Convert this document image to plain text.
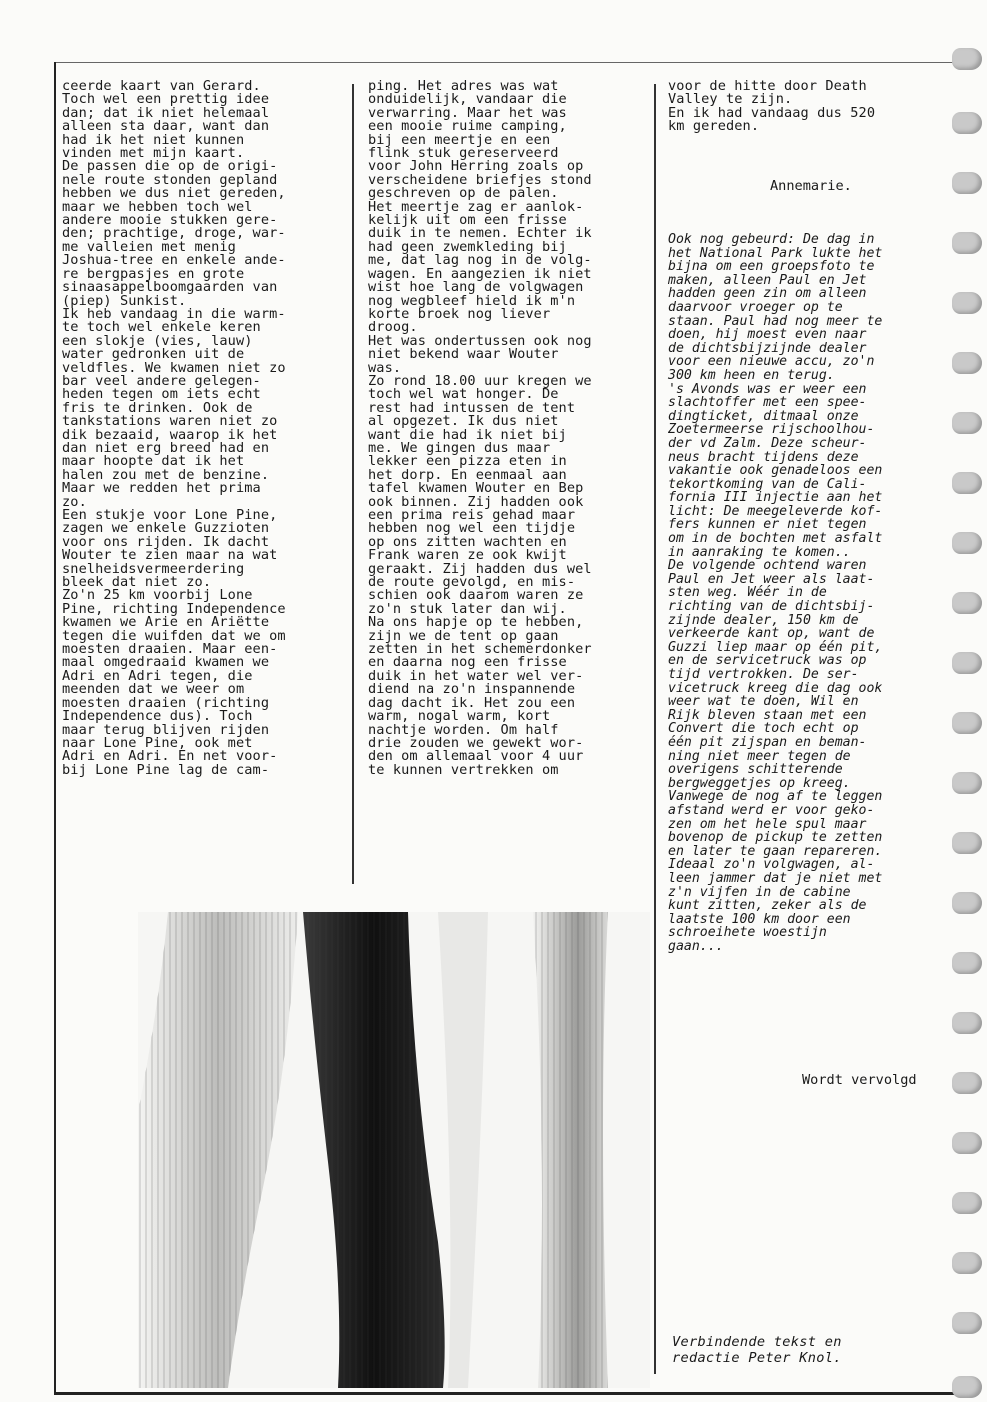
ceerde kaart van Gerard.
Toch wel een prettig idee
dan; dat ik niet helemaal
alleen sta daar, want dan
had ik het niet kunnen
vinden met mijn kaart.
De passen die op de origi-
nele route stonden gepland
hebben we dus niet gereden,
maar we hebben toch wel
andere mooie stukken gere-
den; prachtige, droge, war-
me valleien met menig
Joshua-tree en enkele ande-
re bergpasjes en grote
sinaasappelboomgaarden van
(piep) Sunkist.
Ik heb vandaag in die warm-
te toch wel enkele keren
een slokje (vies, lauw)
water gedronken uit de
veldfles. We kwamen niet zo
bar veel andere gelegen-
heden tegen om iets echt
fris te drinken. Ook de
tankstations waren niet zo
dik bezaaid, waarop ik het
dan niet erg breed had en
maar hoopte dat ik het
halen zou met de benzine.
Maar we redden het prima
zo.
Een stukje voor Lone Pine,
zagen we enkele Guzzioten
voor ons rijden. Ik dacht
Wouter te zien maar na wat
snelheidsvermeerdering
bleek dat niet zo.
Zo'n 25 km voorbij Lone
Pine, richting Independence
kwamen we Arie en Ariëtte
tegen die wuifden dat we om
moesten draaien. Maar een-
maal omgedraaid kwamen we
Adri en Adri tegen, die
meenden dat we weer om
moesten draaien (richting
Independence dus). Toch
maar terug blijven rijden
naar Lone Pine, ook met
Adri en Adri. En net voor-
bij Lone Pine lag de cam-
ping. Het adres was wat
onduidelijk, vandaar die
verwarring. Maar het was
een mooie ruime camping,
bij een meertje en een
flink stuk gereserveerd
voor John Herring zoals op
verscheidene briefjes stond
geschreven op de palen.
Het meertje zag er aanlok-
kelijk uit om een frisse
duik in te nemen. Echter ik
had geen zwemkleding bij
me, dat lag nog in de volg-
wagen. En aangezien ik niet
wist hoe lang de volgwagen
nog wegbleef hield ik m'n
korte broek nog liever
droog.
Het was ondertussen ook nog
niet bekend waar Wouter
was.
Zo rond 18.00 uur kregen we
toch wel wat honger. De
rest had intussen de tent
al opgezet. Ik dus niet
want die had ik niet bij
me. We gingen dus maar
lekker een pizza eten in
het dorp. En eenmaal aan
tafel kwamen Wouter en Bep
ook binnen. Zij hadden ook
een prima reis gehad maar
hebben nog wel een tijdje
op ons zitten wachten en
Frank waren ze ook kwijt
geraakt. Zij hadden dus wel
de route gevolgd, en mis-
schien ook daarom waren ze
zo'n stuk later dan wij.
Na ons hapje op te hebben,
zijn we de tent op gaan
zetten in het schemerdonker
en daarna nog een frisse
duik in het water wel ver-
diend na zo'n inspannende
dag dacht ik. Het zou een
warm, nogal warm, kort
nachtje worden. Om half
drie zouden we gewekt wor-
den om allemaal voor 4 uur
te kunnen vertrekken om
voor de hitte door Death
Valley te zijn.
En ik had vandaag dus 520
km gereden.
Annemarie.
Ook nog gebeurd: De dag in
het National Park lukte het
bijna om een groepsfoto te
maken, alleen Paul en Jet
hadden geen zin om alleen
daarvoor vroeger op te
staan. Paul had nog meer te
doen, hij moest even naar
de dichtsbijzijnde dealer
voor een nieuwe accu, zo'n
300 km heen en terug.
's Avonds was er weer een
slachtoffer met een spee-
dingticket, ditmaal onze
Zoetermeerse rijschoolhou-
der vd Zalm. Deze scheur-
neus bracht tijdens deze
vakantie ook genadeloos een
tekortkoming van de Cali-
fornia III injectie aan het
licht: De meegeleverde kof-
fers kunnen er niet tegen
om in de bochten met asfalt
in aanraking te komen..
De volgende ochtend waren
Paul en Jet weer als laat-
sten weg. Wéér in de
richting van de dichtsbij-
zijnde dealer, 150 km de
verkeerde kant op, want de
Guzzi liep maar op één pit,
en de servicetruck was op
tijd vertrokken. De ser-
vicetruck kreeg die dag ook
weer wat te doen, Wil en
Rijk bleven staan met een
Convert die toch echt op
één pit zijspan en beman-
ning niet meer tegen de
overigens schitterende
bergweggetjes op kreeg.
Vanwege de nog af te leggen
afstand werd er voor geko-
zen om het hele spul maar
bovenop de pickup te zetten
en later te gaan repareren.
Ideaal zo'n volgwagen, al-
leen jammer dat je niet met
z'n vijfen in de cabine
kunt zitten, zeker als de
laatste 100 km door een
schroeihete woestijn
gaan...
Wordt vervolgd
Verbindende tekst en
redactie Peter Knol.
